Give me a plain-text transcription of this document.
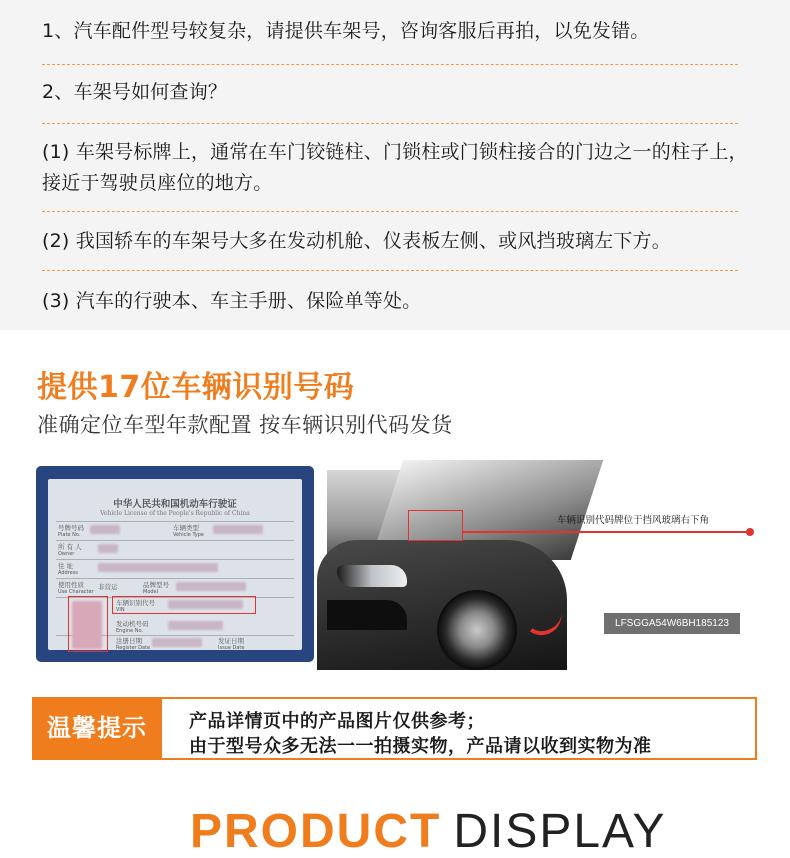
1、汽车配件型号较复杂，请提供车架号，咨询客服后再拍，以免发错。
2、车架号如何查询？
(1) 车架号标牌上，通常在车门铰链柱、门锁柱或门锁柱接合的门边之一的柱子上，接近于驾驶员座位的地方。
(2) 我国轿车的车架号大多在发动机舱、仪表板左侧、或风挡玻璃左下方。
(3) 汽车的行驶本、车主手册、保险单等处。
提供17位车辆识别号码
准确定位车型年款配置 按车辆识别代码发货
中华人民共和国机动车行驶证
Vehicle License of the People's Republic of China
号牌号码
Plate No.
车辆类型
Vehicle Type
所 有 人
Owner
住 址
Address
使用性质
Use Character
非营运	品牌型号
Model
车辆识别代号
VIN
发动机号码
Engine No.
注册日期
Register Date
发证日期
Issue Date
车辆识别代码牌位于挡风玻璃右下角
LFSGGA54W6BH185123
温馨提示	产品详情页中的产品图片仅供参考；
由于型号众多无法一一拍摄实物，产品请以收到实物为准
PRODUCT DISPLAY
